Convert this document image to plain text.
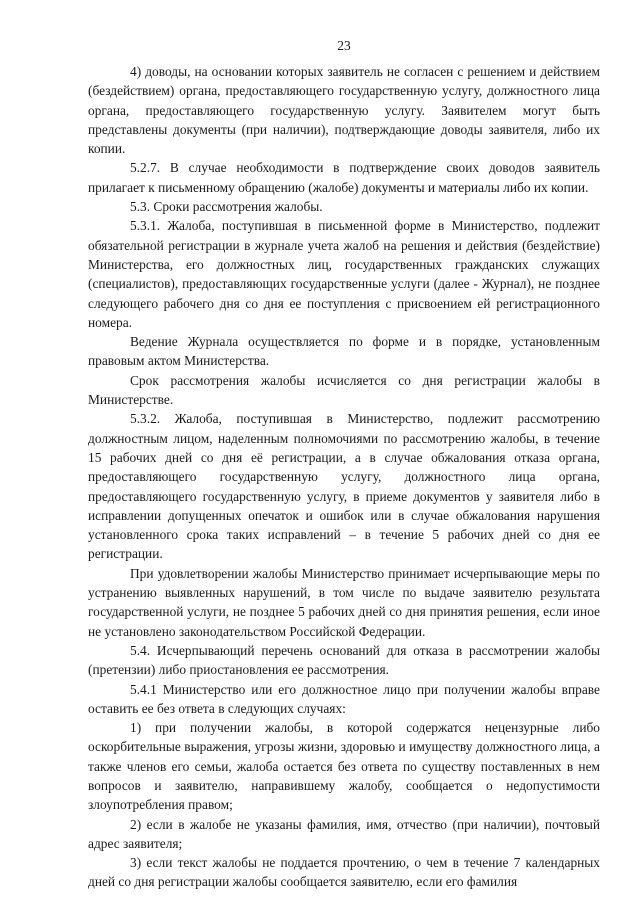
23

4) доводы, на основании которых заявитель не согласен с решением и действием (бездействием) органа, предоставляющего государственную услугу, должностного лица органа, предоставляющего государственную услугу. Заявителем могут быть представлены документы (при наличии), подтверждающие доводы заявителя, либо их копии.

5.2.7. В случае необходимости в подтверждение своих доводов заявитель прилагает к письменному обращению (жалобе) документы и материалы либо их копии.

5.3. Сроки рассмотрения жалобы.

5.3.1. Жалоба, поступившая в письменной форме в Министерство, подлежит обязательной регистрации в журнале учета жалоб на решения и действия (бездействие) Министерства, его должностных лиц, государственных гражданских служащих (специалистов), предоставляющих государственные услуги (далее - Журнал), не позднее следующего рабочего дня со дня ее поступления с присвоением ей регистрационного номера.

Ведение Журнала осуществляется по форме и в порядке, установленным правовым актом Министерства.

Срок рассмотрения жалобы исчисляется со дня регистрации жалобы в Министерстве.

5.3.2. Жалоба, поступившая в Министерство, подлежит рассмотрению должностным лицом, наделенным полномочиями по рассмотрению жалобы, в течение 15 рабочих дней со дня её регистрации, а в случае обжалования отказа органа, предоставляющего государственную услугу, должностного лица органа, предоставляющего государственную услугу, в приеме документов у заявителя либо в исправлении допущенных опечаток и ошибок или в случае обжалования нарушения установленного срока таких исправлений – в течение 5 рабочих дней со дня ее регистрации.

При удовлетворении жалобы Министерство принимает исчерпывающие меры по устранению выявленных нарушений, в том числе по выдаче заявителю результата государственной услуги, не позднее 5 рабочих дней со дня принятия решения, если иное не установлено законодательством Российской Федерации.

5.4. Исчерпывающий перечень оснований для отказа в рассмотрении жалобы (претензии) либо приостановления ее рассмотрения.

5.4.1 Министерство или его должностное лицо при получении жалобы вправе оставить ее без ответа в следующих случаях:

1) при получении жалобы, в которой содержатся нецензурные либо оскорбительные выражения, угрозы жизни, здоровью и имуществу должностного лица, а также членов его семьи, жалоба остается без ответа по существу поставленных в нем вопросов и заявителю, направившему жалобу, сообщается о недопустимости злоупотребления правом;

2) если в жалобе не указаны фамилия, имя, отчество (при наличии), почтовый адрес заявителя;

3) если текст жалобы не поддается прочтению, о чем в течение 7 календарных дней со дня регистрации жалобы сообщается заявителю, если его фамилия
